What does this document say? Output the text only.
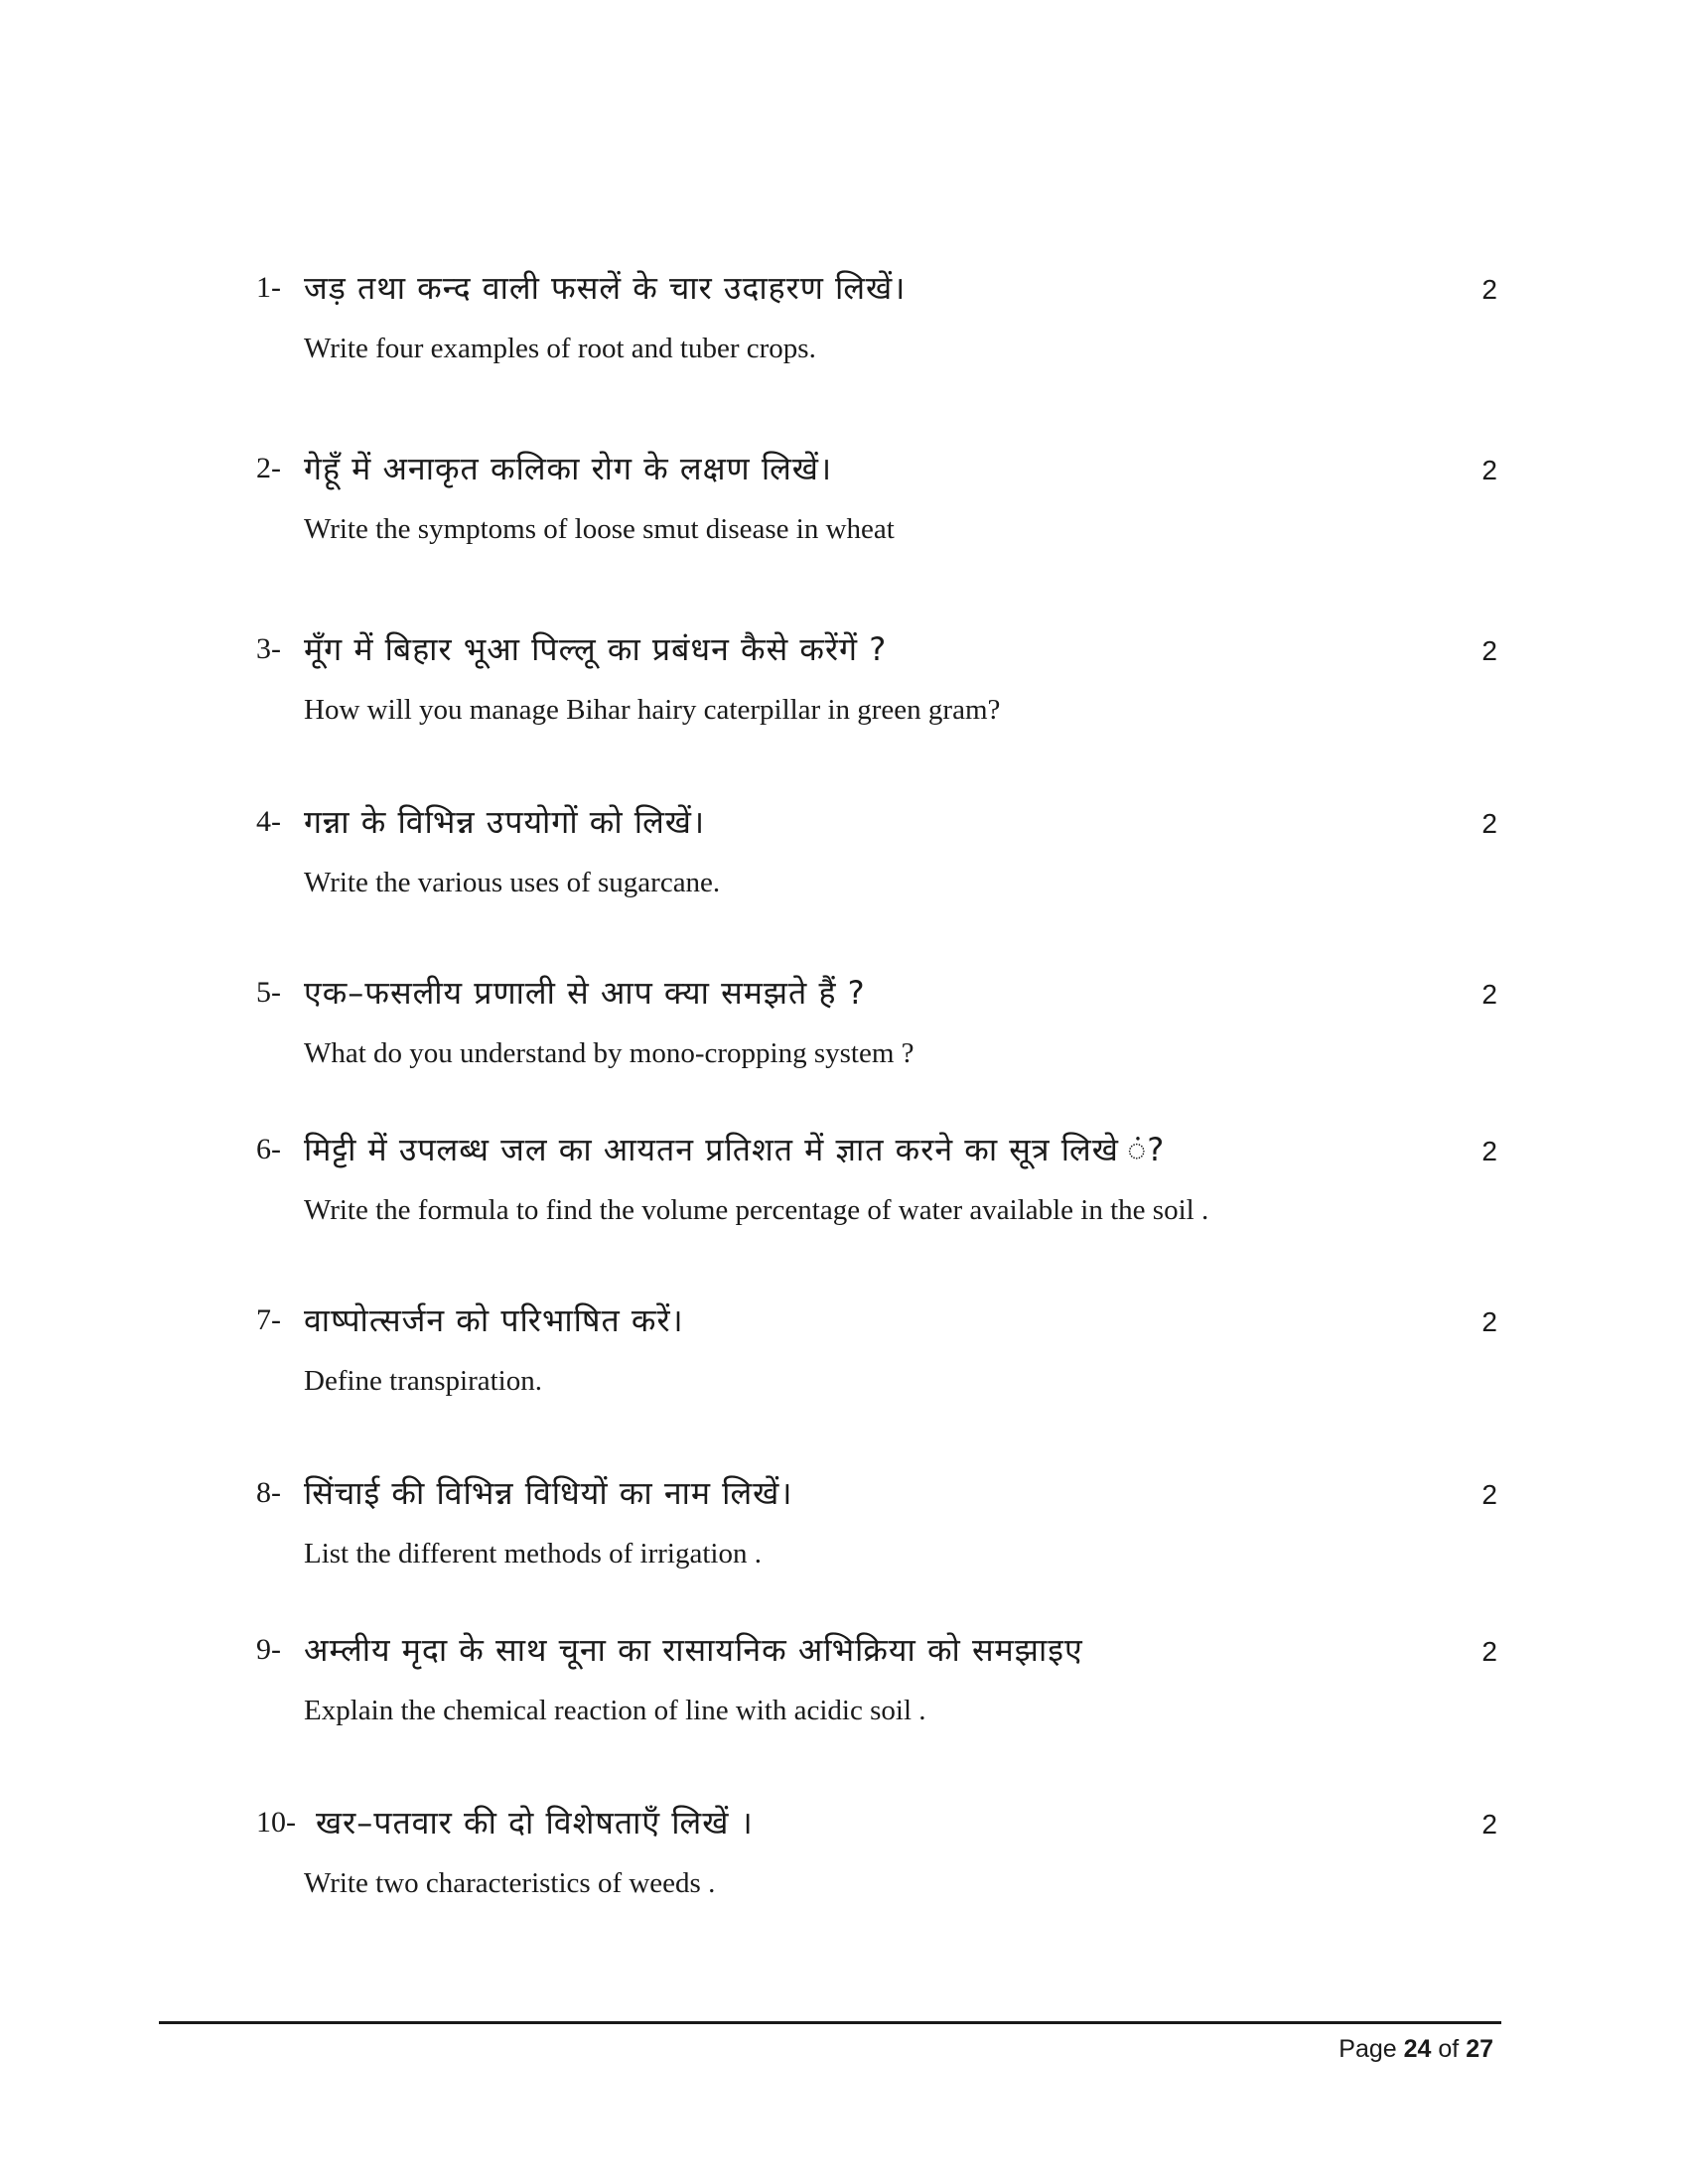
1- जड़ तथा कन्द वाली फसलें के चार उदाहरण लिखें।	2
Write four examples of root and tuber crops.
2- गेहूँ में अनाकृत कलिका रोग के लक्षण लिखें।	2
Write the symptoms of loose smut disease in wheat
3- मूँग में बिहार भूआ पिल्लू का प्रबंधन कैसे करेंगें ?	2
How will you manage Bihar hairy caterpillar in green gram?
4- गन्ना के विभिन्न उपयोगों को लिखें।	2
Write the various uses of sugarcane.
5- एक–फसलीय प्रणाली से आप क्या समझते हैं ?	2
What do you understand by mono-cropping system ?
6- मिट्टी में उपलब्ध जल का आयतन प्रतिशत में ज्ञात करने का सूत्र लिखे ं?	2
Write the formula to find the volume percentage of water available in the soil .
7- वाष्पोत्सर्जन को परिभाषित करें।	2
Define transpiration.
8- सिंचाई की विभिन्न विधियों का नाम लिखें।	2
List the different methods of irrigation .
9- अम्लीय मृदा के साथ चूना का रासायनिक अभिक्रिया को समझाइए	2
Explain the chemical reaction of line with acidic soil .
10- खर–पतवार की दो विशेषताएँ लिखें ।	2
Write two characteristics of weeds .
Page 24 of 27
